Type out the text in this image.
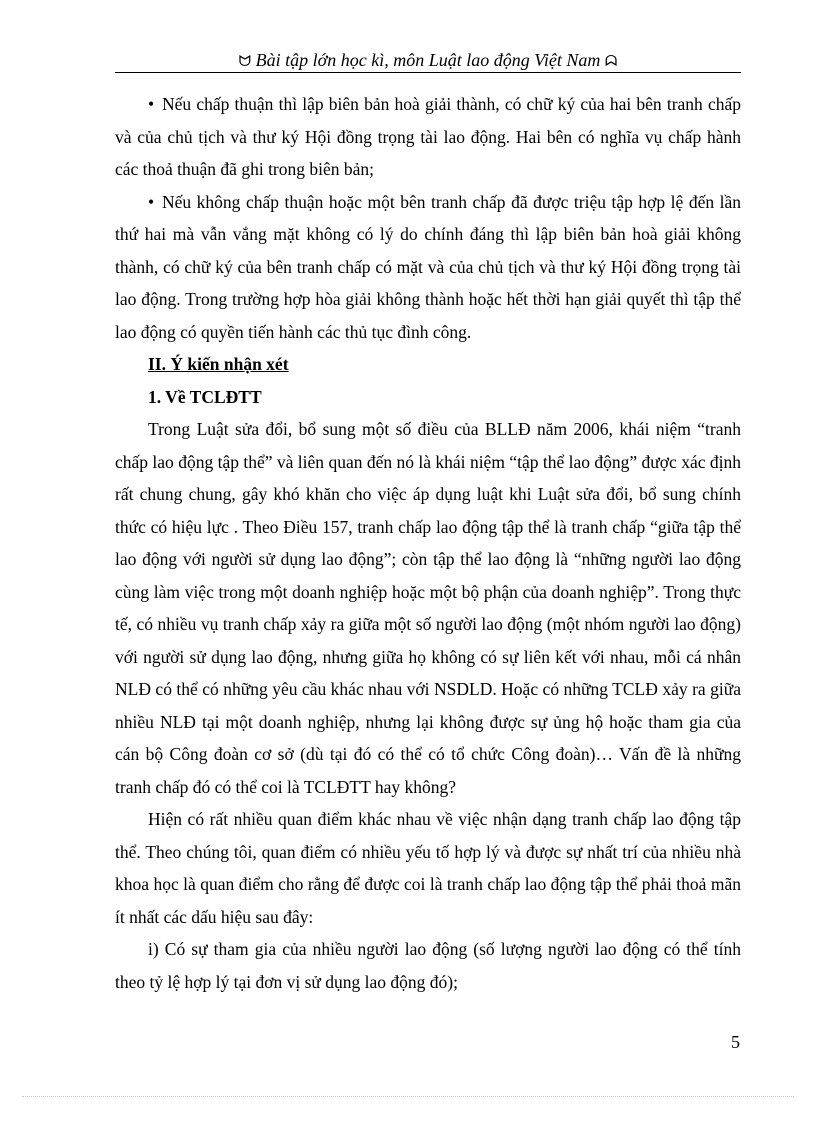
ᗢ Bài tập lớn học kì, môn Luật lao động Việt Nam ᗣ

• Nếu chấp thuận thì lập biên bản hoà giải thành, có chữ ký của hai bên tranh chấp và của chủ tịch và thư ký Hội đồng trọng tài lao động. Hai bên có nghĩa vụ chấp hành các thoả thuận đã ghi trong biên bản;

• Nếu không chấp thuận hoặc một bên tranh chấp đã được triệu tập hợp lệ đến lần thứ hai mà vẫn vắng mặt không có lý do chính đáng thì lập biên bản hoà giải không thành, có chữ ký của bên tranh chấp có mặt và của chủ tịch và thư ký Hội đồng trọng tài lao động. Trong trường hợp hòa giải không thành hoặc hết thời hạn giải quyết thì tập thể lao động có quyền tiến hành các thủ tục đình công.

II. Ý kiến nhận xét

1. Về TCLĐTT

Trong Luật sửa đổi, bổ sung một số điều của BLLĐ năm 2006, khái niệm “tranh chấp lao động tập thể” và liên quan đến nó là khái niệm “tập thể lao động” được xác định rất chung chung, gây khó khăn cho việc áp dụng luật khi Luật sửa đổi, bổ sung chính thức có hiệu lực . Theo Điều 157, tranh chấp lao động tập thể là tranh chấp “giữa tập thể lao động với người sử dụng lao động”; còn tập thể lao động là “những người lao động cùng làm việc trong một doanh nghiệp hoặc một bộ phận của doanh nghiệp”. Trong thực tế, có nhiều vụ tranh chấp xảy ra giữa một số người lao động (một nhóm người lao động) với người sử dụng lao động, nhưng giữa họ không có sự liên kết với nhau, mỗi cá nhân NLĐ có thể có những yêu cầu khác nhau với NSDLD. Hoặc có những TCLĐ xảy ra giữa nhiều NLĐ tại một doanh nghiệp, nhưng lại không được sự ủng hộ hoặc tham gia của cán bộ Công đoàn cơ sở (dù tại đó có thể có tổ chức Công đoàn)… Vấn đề là những tranh chấp đó có thể coi là TCLĐTT hay không?

Hiện có rất nhiều quan điểm khác nhau về việc nhận dạng tranh chấp lao động tập thể. Theo chúng tôi, quan điểm có nhiều yếu tố hợp lý và được sự nhất trí của nhiều nhà khoa học là quan điểm cho rằng để được coi là tranh chấp lao động tập thể phải thoả mãn ít nhất các dấu hiệu sau đây:

i) Có sự tham gia của nhiều người lao động (số lượng người lao động có thể tính theo tỷ lệ hợp lý tại đơn vị sử dụng lao động đó);

5
